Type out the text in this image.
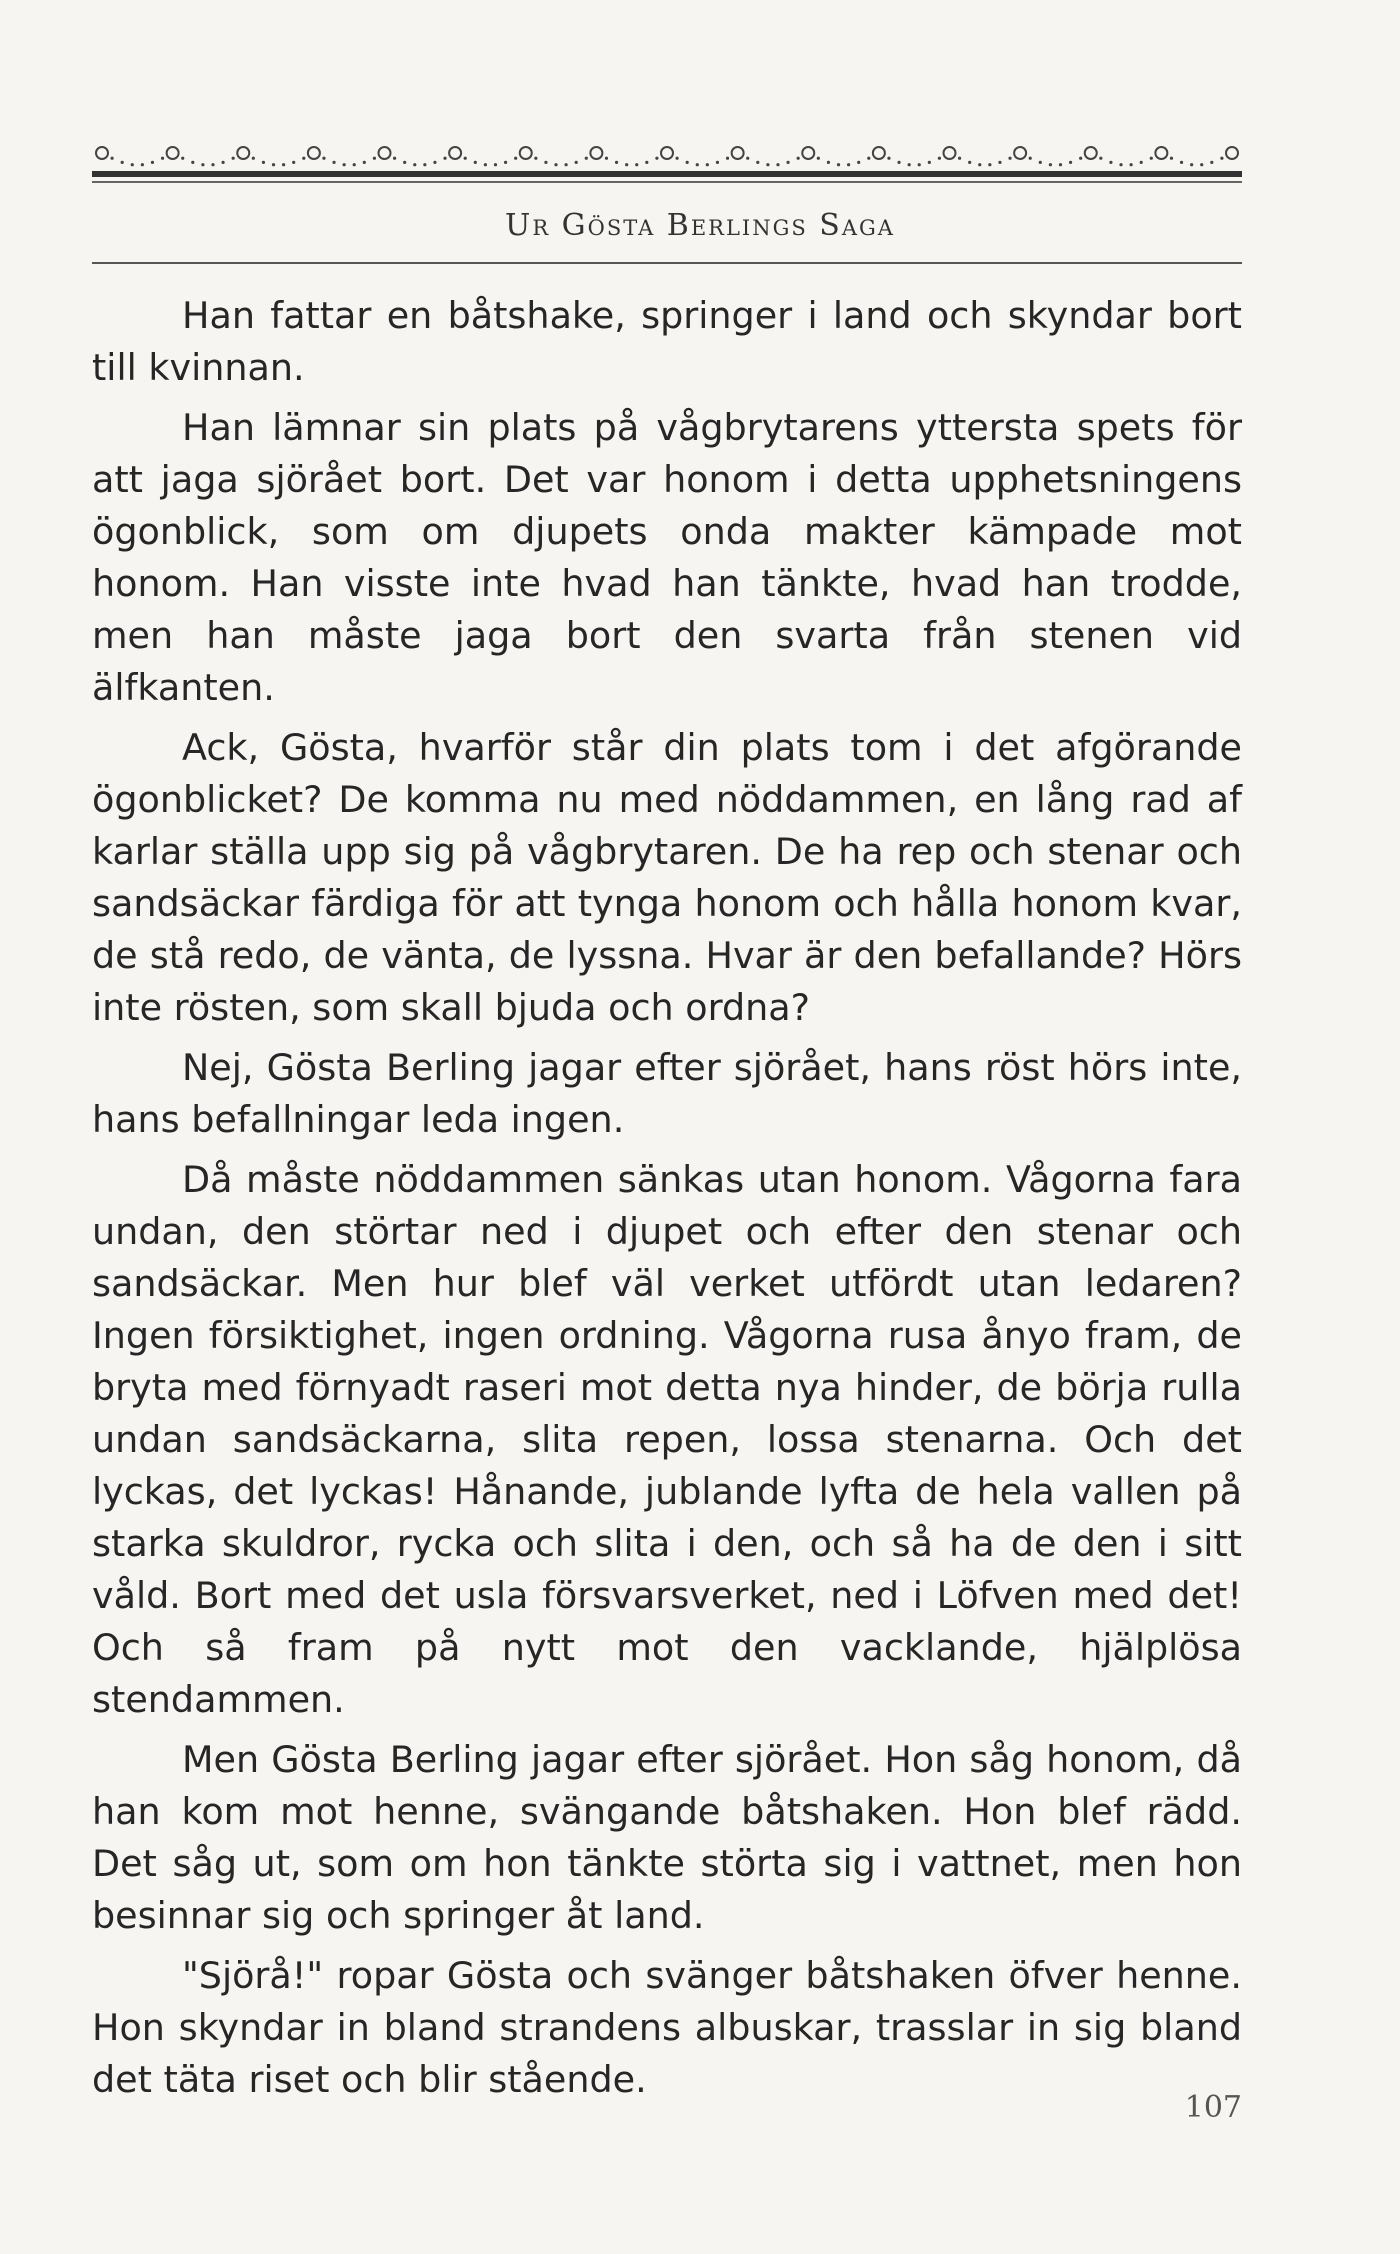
Ur Gösta Berlings Saga

Han fattar en båtshake, springer i land och skyndar bort till kvinnan.

Han lämnar sin plats på vågbrytarens yttersta spets för att jaga sjörået bort. Det var honom i detta upphetsningens ögonblick, som om djupets onda makter kämpade mot honom. Han visste inte hvad han tänkte, hvad han trodde, men han måste jaga bort den svarta från stenen vid älfkanten.

Ack, Gösta, hvarför står din plats tom i det afgörande ögonblicket? De komma nu med nöddammen, en lång rad af karlar ställa upp sig på vågbrytaren. De ha rep och stenar och sandsäckar färdiga för att tynga honom och hålla honom kvar, de stå redo, de vänta, de lyssna. Hvar är den befallande? Hörs inte rösten, som skall bjuda och ordna?

Nej, Gösta Berling jagar efter sjörået, hans röst hörs inte, hans befallningar leda ingen.

Då måste nöddammen sänkas utan honom. Vågorna fara undan, den störtar ned i djupet och efter den stenar och sandsäckar. Men hur blef väl verket utfördt utan ledaren? Ingen försiktighet, ingen ordning. Vågorna rusa ånyo fram, de bryta med förnyadt raseri mot detta nya hinder, de börja rulla undan sandsäckarna, slita repen, lossa stenarna. Och det lyckas, det lyckas! Hånande, jublande lyfta de hela vallen på starka skuldror, rycka och slita i den, och så ha de den i sitt våld. Bort med det usla försvarsverket, ned i Löfven med det! Och så fram på nytt mot den vacklande, hjälplösa stendammen.

Men Gösta Berling jagar efter sjörået. Hon såg honom, då han kom mot henne, svängande båtshaken. Hon blef rädd. Det såg ut, som om hon tänkte störta sig i vattnet, men hon besinnar sig och springer åt land.

"Sjörå!" ropar Gösta och svänger båtshaken öfver henne. Hon skyndar in bland strandens albuskar, trasslar in sig bland det täta riset och blir stående.

107
